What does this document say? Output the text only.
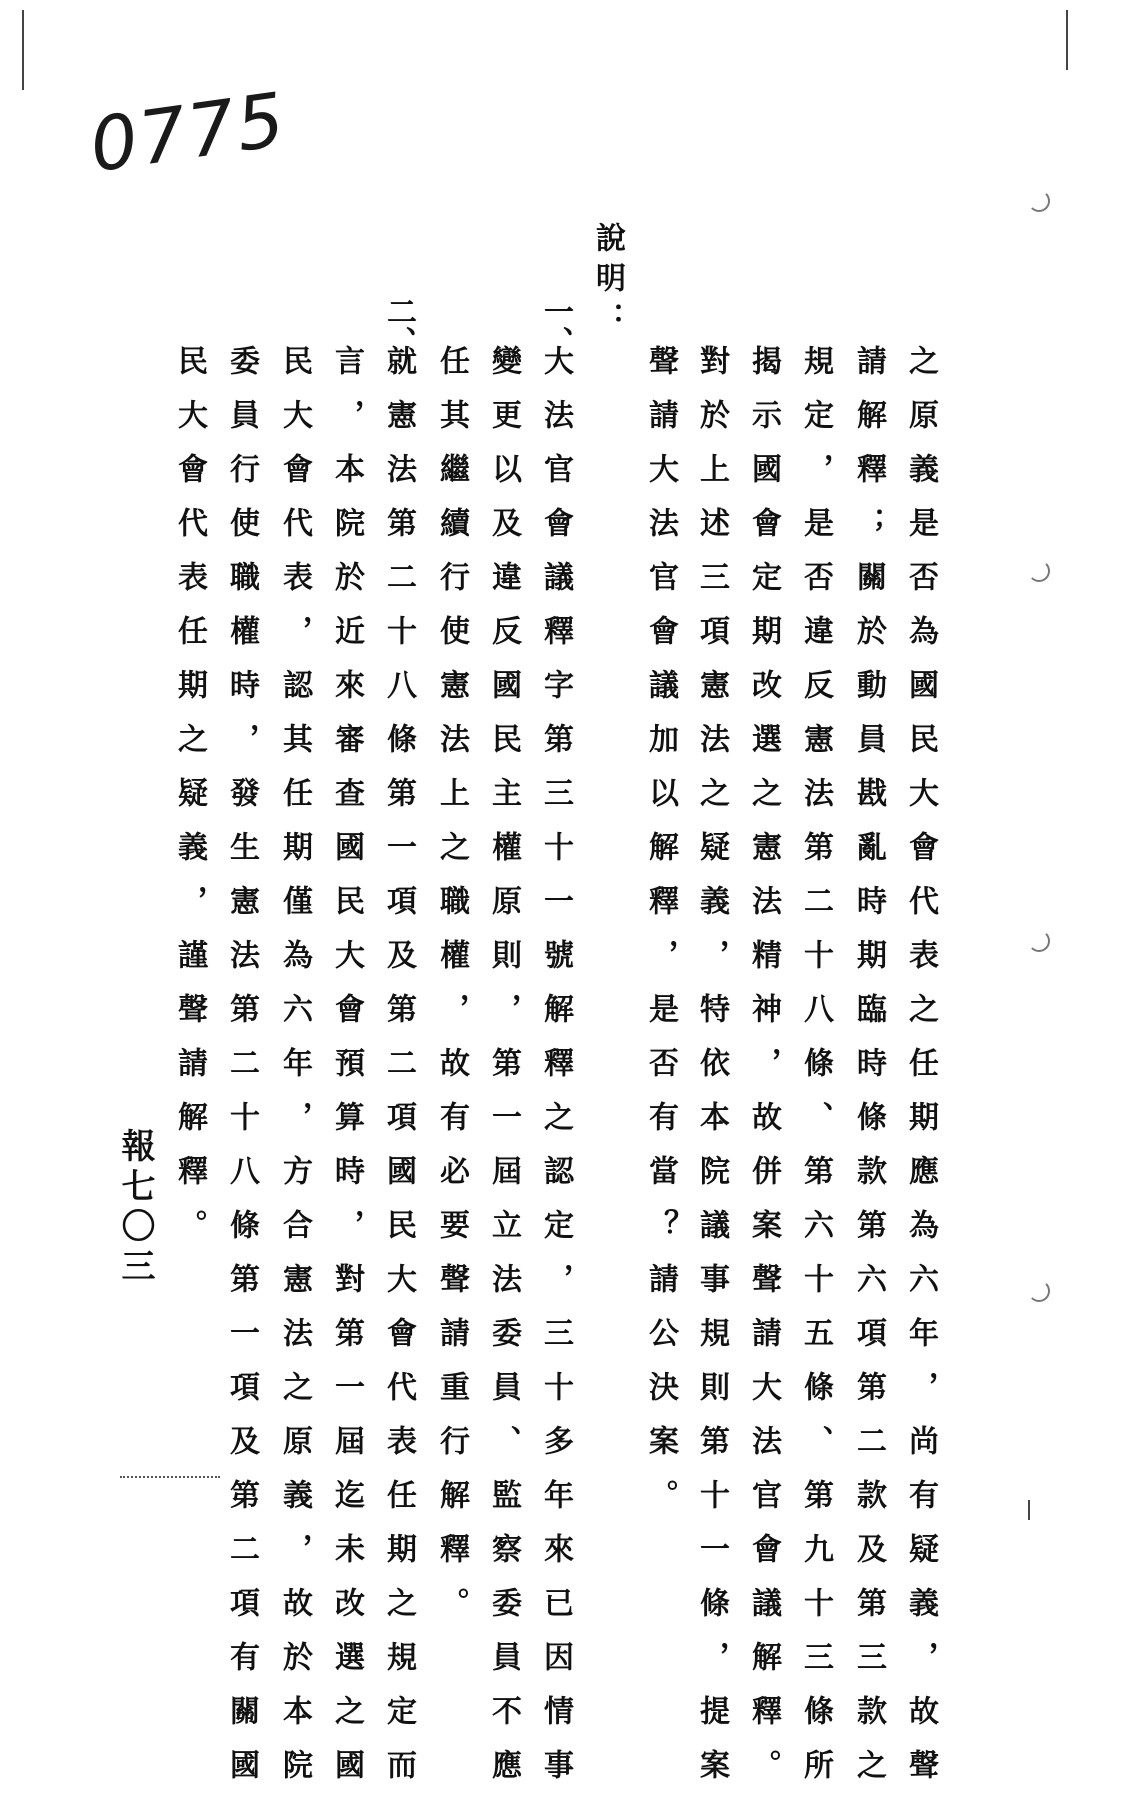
0775
說明：
一、
二、
之原義是否為國民大會代表之任期應為六年，尚有疑義，故聲
請解釋；關於動員戡亂時期臨時條款第六項第二款及第三款之
規定，是否違反憲法第二十八條、第六十五條、第九十三條所
揭示國會定期改選之憲法精神，故併案聲請大法官會議解釋。
對於上述三項憲法之疑義，特依本院議事規則第十一條，提案
聲請大法官會議加以解釋，是否有當？請公決案。
大法官會議釋字第三十一號解釋之認定，三十多年來已因情事
變更以及違反國民主權原則，第一屆立法委員、監察委員不應
任其繼續行使憲法上之職權，故有必要聲請重行解釋。
就憲法第二十八條第一項及第二項國民大會代表任期之規定而
言，本院於近來審查國民大會預算時，對第一屆迄未改選之國
民大會代表，認其任期僅為六年，方合憲法之原義，故於本院
委員行使職權時，發生憲法第二十八條第一項及第二項有關國
民大會代表任期之疑義，謹聲請解釋。
報七〇三
